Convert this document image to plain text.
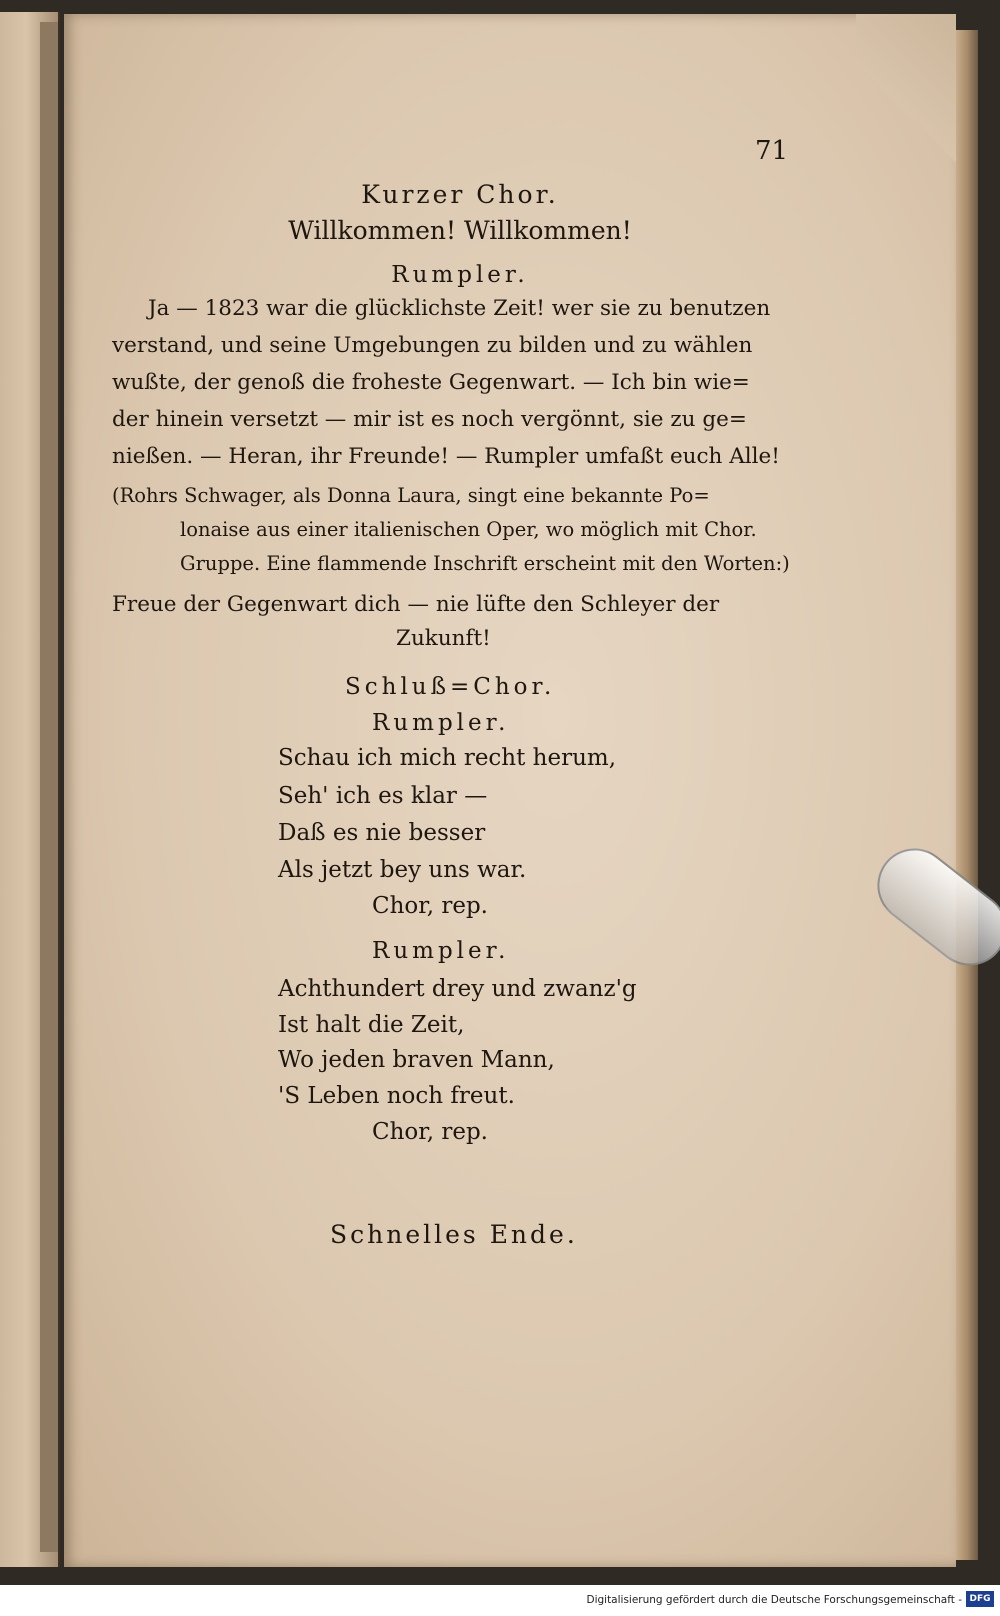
71
Kurzer Chor.
Willkommen! Willkommen!
Rumpler.
Ja — 1823 war die glücklichste Zeit! wer sie zu benutzen
verstand, und seine Umgebungen zu bilden und zu wählen
wußte, der genoß die froheste Gegenwart. — Ich bin wie=
der hinein versetzt — mir ist es noch vergönnt, sie zu ge=
nießen. — Heran, ihr Freunde! — Rumpler umfaßt euch Alle!
(Rohrs Schwager, als Donna Laura, singt eine bekannte Po=
lonaise aus einer italienischen Oper, wo möglich mit Chor.
Gruppe. Eine flammende Inschrift erscheint mit den Worten:)
Freue der Gegenwart dich — nie lüfte den Schleyer der
Zukunft!
Schluß=Chor.
Rumpler.
Schau ich mich recht herum,
Seh' ich es klar —
Daß es nie besser
Als jetzt bey uns war.
Chor, rep.
Rumpler.
Achthundert drey und zwanz'g
Ist halt die Zeit,
Wo jeden braven Mann,
'S Leben noch freut.
Chor, rep.
Schnelles Ende.
Digitalisierung gefördert durch die Deutsche Forschungsgemeinschaft - DFG
